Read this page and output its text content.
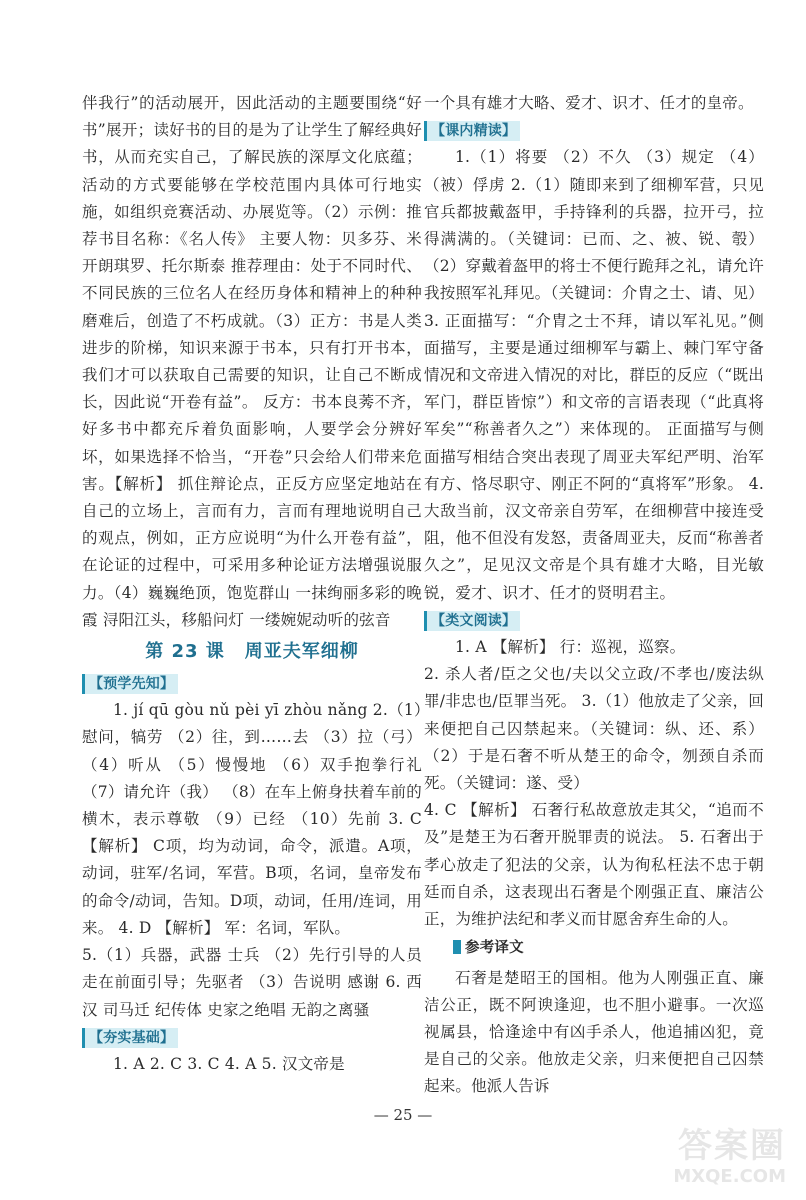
伴我行”的活动展开，因此活动的主题要围绕“好书”展开；读好书的目的是为了让学生了解经典好书，从而充实自己，了解民族的深厚文化底蕴；活动的方式要能够在学校范围内具体可行地实施，如组织竞赛活动、办展览等。（2）示例：推荐书目名称：《名人传》 主要人物：贝多芬、米开朗琪罗、托尔斯泰 推荐理由：处于不同时代、不同民族的三位名人在经历身体和精神上的种种磨难后，创造了不朽成就。（3）正方：书是人类进步的阶梯，知识来源于书本，只有打开书本，我们才可以获取自己需要的知识，让自己不断成长，因此说“开卷有益”。 反方：书本良莠不齐，好多书中都充斥着负面影响，人要学会分辨好坏，如果选择不恰当，“开卷”只会给人们带来危害。【解析】 抓住辩论点，正反方应坚定地站在自己的立场上，言而有力，言而有理地说明自己的观点，例如，正方应说明“为什么开卷有益”，在论证的过程中，可采用多种论证方法增强说服力。（4）巍巍绝顶，饱览群山 一抹绚丽多彩的晚霞 浔阳江头，移船问灯 一缕婉妮动听的弦音

第 23 课 周亚夫军细柳
【预学先知】

1. jí qū gòu nǔ pèi yī zhòu nǎng 2.（1）慰问，犒劳 （2）往，到……去 （3）拉（弓） （4）听从 （5）慢慢地 （6）双手抱拳行礼 （7）请允许（我） （8）在车上俯身扶着车前的横木，表示尊敬 （9）已经 （10）先前 3. C 【解析】 C项，均为动词，命令，派遣。A项，动词，驻军/名词，军营。B项，名词，皇帝发布的命令/动词，告知。D项，动词，任用/连词，用来。 4. D 【解析】 军：名词，军队。

5.（1）兵器，武器 士兵 （2）先行引导的人员 走在前面引导；先驱者 （3）告说明 感谢 6. 西汉 司马迁 纪传体 史家之绝唱 无韵之离骚

【夯实基础】

1. A 2. C 3. C 4. A 5. 汉文帝是

一个具有雄才大略、爱才、识才、任才的皇帝。

【课内精读】

1.（1）将要 （2）不久 （3）规定 （4）（被）俘虏 2.（1）随即来到了细柳军营，只见官兵都披戴盔甲，手持锋利的兵器，拉开弓，拉得满满的。（关键词：已而、之、被、锐、彀）（2）穿戴着盔甲的将士不便行跪拜之礼，请允许我按照军礼拜见。（关键词：介胄之士、请、见） 3. 正面描写：“介胄之士不拜，请以军礼见。”侧面描写，主要是通过细柳军与霸上、棘门军守备情况和文帝进入情况的对比，群臣的反应（“既出军门，群臣皆惊”）和文帝的言语表现（“此真将军矣”“称善者久之”）来体现的。 正面描写与侧面描写相结合突出表现了周亚夫军纪严明、治军有方、恪尽职守、刚正不阿的“真将军”形象。 4. 大敌当前，汉文帝亲自劳军，在细柳营中接连受阻，他不但没有发怒，责备周亚夫，反而“称善者久之”，足见汉文帝是个具有雄才大略，目光敏锐，爱才、识才、任才的贤明君主。

【类文阅读】

1. A 【解析】 行：巡视，巡察。

2. 杀人者/臣之父也/夫以父立政/不孝也/废法纵罪/非忠也/臣罪当死。 3.（1）他放走了父亲，回来便把自己囚禁起来。（关键词：纵、还、系）（2）于是石奢不听从楚王的命令，刎颈自杀而死。（关键词：遂、受）

4. C 【解析】 石奢行私故意放走其父，“追而不及”是楚王为石奢开脱罪责的说法。 5. 石奢出于孝心放走了犯法的父亲，认为徇私枉法不忠于朝廷而自杀，这表现出石奢是个刚强正直、廉洁公正，为维护法纪和孝义而甘愿舍弃生命的人。

参考译文

石奢是楚昭王的国相。他为人刚强正直、廉洁公正，既不阿谀逢迎，也不胆小避事。一次巡视属县，恰逢途中有凶手杀人，他追捕凶犯，竟是自己的父亲。他放走父亲，归来便把自己囚禁起来。他派人告诉

— 25 —
答案圈
MXQE.COM
